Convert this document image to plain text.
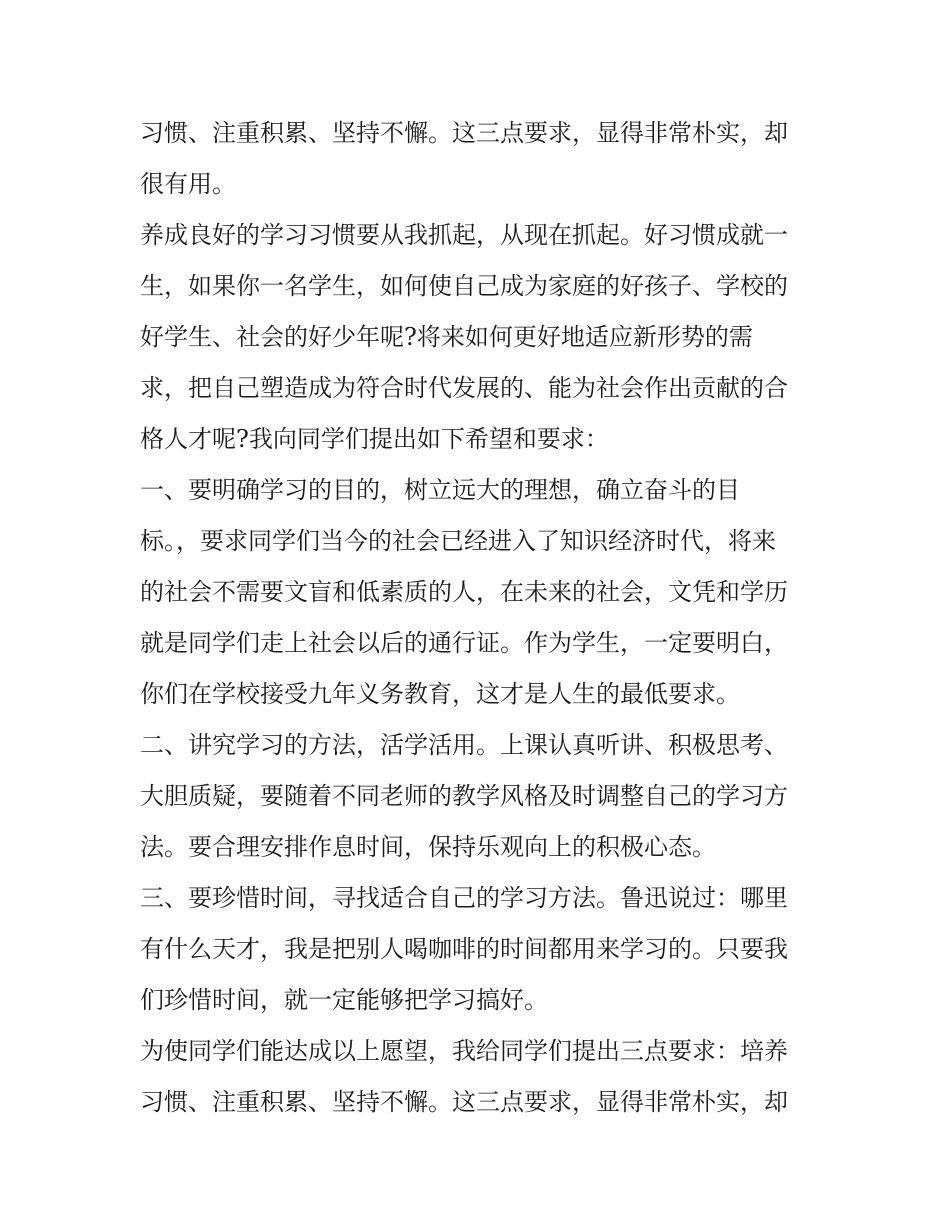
习惯、注重积累、坚持不懈。这三点要求，显得非常朴实，却
很有用。
养成良好的学习习惯要从我抓起，从现在抓起。好习惯成就一
生，如果你一名学生，如何使自己成为家庭的好孩子、学校的
好学生、社会的好少年呢?将来如何更好地适应新形势的需
求，把自己塑造成为符合时代发展的、能为社会作出贡献的合
格人才呢?我向同学们提出如下希望和要求：
一、要明确学习的目的，树立远大的理想，确立奋斗的目
标。，要求同学们当今的社会已经进入了知识经济时代，将来
的社会不需要文盲和低素质的人，在未来的社会，文凭和学历
就是同学们走上社会以后的通行证。作为学生，一定要明白，
你们在学校接受九年义务教育，这才是人生的最低要求。
二、讲究学习的方法，活学活用。上课认真听讲、积极思考、
大胆质疑，要随着不同老师的教学风格及时调整自己的学习方
法。要合理安排作息时间，保持乐观向上的积极心态。
三、要珍惜时间，寻找适合自己的学习方法。鲁迅说过：哪里
有什么天才，我是把别人喝咖啡的时间都用来学习的。只要我
们珍惜时间，就一定能够把学习搞好。
为使同学们能达成以上愿望，我给同学们提出三点要求：培养
习惯、注重积累、坚持不懈。这三点要求，显得非常朴实，却
